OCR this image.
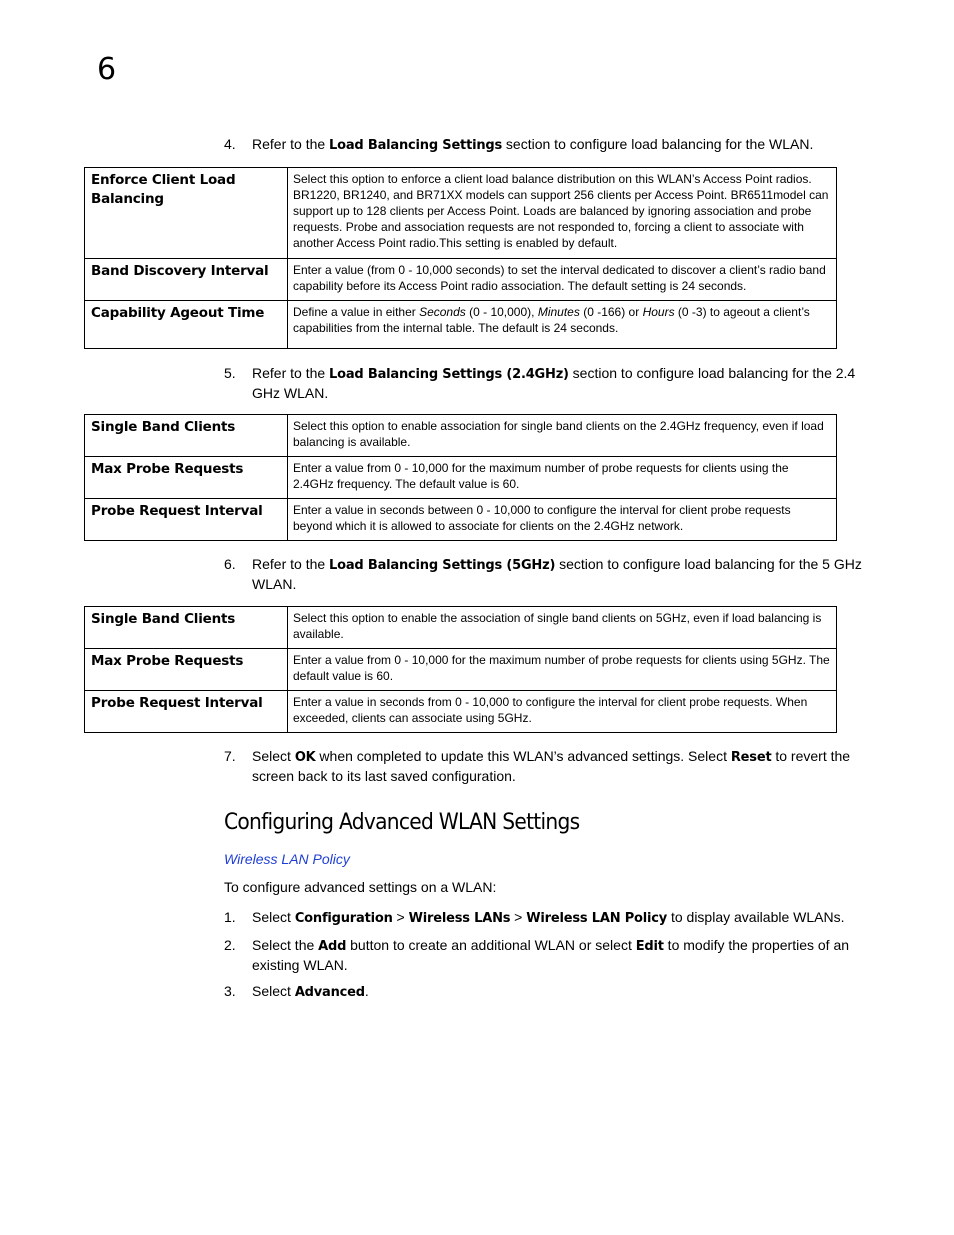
6
4. Refer to the Load Balancing Settings section to configure load balancing for the WLAN.
Enforce Client Load Balancing	Select this option to enforce a client load balance distribution on this WLAN’s Access Point radios. BR1220, BR1240, and BR71XX models can support 256 clients per Access Point. BR6511model can support up to 128 clients per Access Point. Loads are balanced by ignoring association and probe requests. Probe and association requests are not responded to, forcing a client to associate with another Access Point radio.This setting is enabled by default.
Band Discovery Interval	Enter a value (from 0 - 10,000 seconds) to set the interval dedicated to discover a client’s radio band capability before its Access Point radio association. The default setting is 24 seconds.
Capability Ageout Time	Define a value in either Seconds (0 - 10,000), Minutes (0 -166) or Hours (0 -3) to ageout a client’s capabilities from the internal table. The default is 24 seconds.
5. Refer to the Load Balancing Settings (2.4GHz) section to configure load balancing for the 2.4 GHz WLAN.
Single Band Clients	Select this option to enable association for single band clients on the 2.4GHz frequency, even if load balancing is available.
Max Probe Requests	Enter a value from 0 - 10,000 for the maximum number of probe requests for clients using the 2.4GHz frequency. The default value is 60.
Probe Request Interval	Enter a value in seconds between 0 - 10,000 to configure the interval for client probe requests beyond which it is allowed to associate for clients on the 2.4GHz network.
6. Refer to the Load Balancing Settings (5GHz) section to configure load balancing for the 5 GHz WLAN.
Single Band Clients	Select this option to enable the association of single band clients on 5GHz, even if load balancing is available.
Max Probe Requests	Enter a value from 0 - 10,000 for the maximum number of probe requests for clients using 5GHz. The default value is 60.
Probe Request Interval	Enter a value in seconds from 0 - 10,000 to configure the interval for client probe requests. When exceeded, clients can associate using 5GHz.
7. Select OK when completed to update this WLAN’s advanced settings. Select Reset to revert the screen back to its last saved configuration.
Configuring Advanced WLAN Settings
Wireless LAN Policy
To configure advanced settings on a WLAN:
1. Select Configuration > Wireless LANs > Wireless LAN Policy to display available WLANs.
2. Select the Add button to create an additional WLAN or select Edit to modify the properties of an existing WLAN.
3. Select Advanced.
